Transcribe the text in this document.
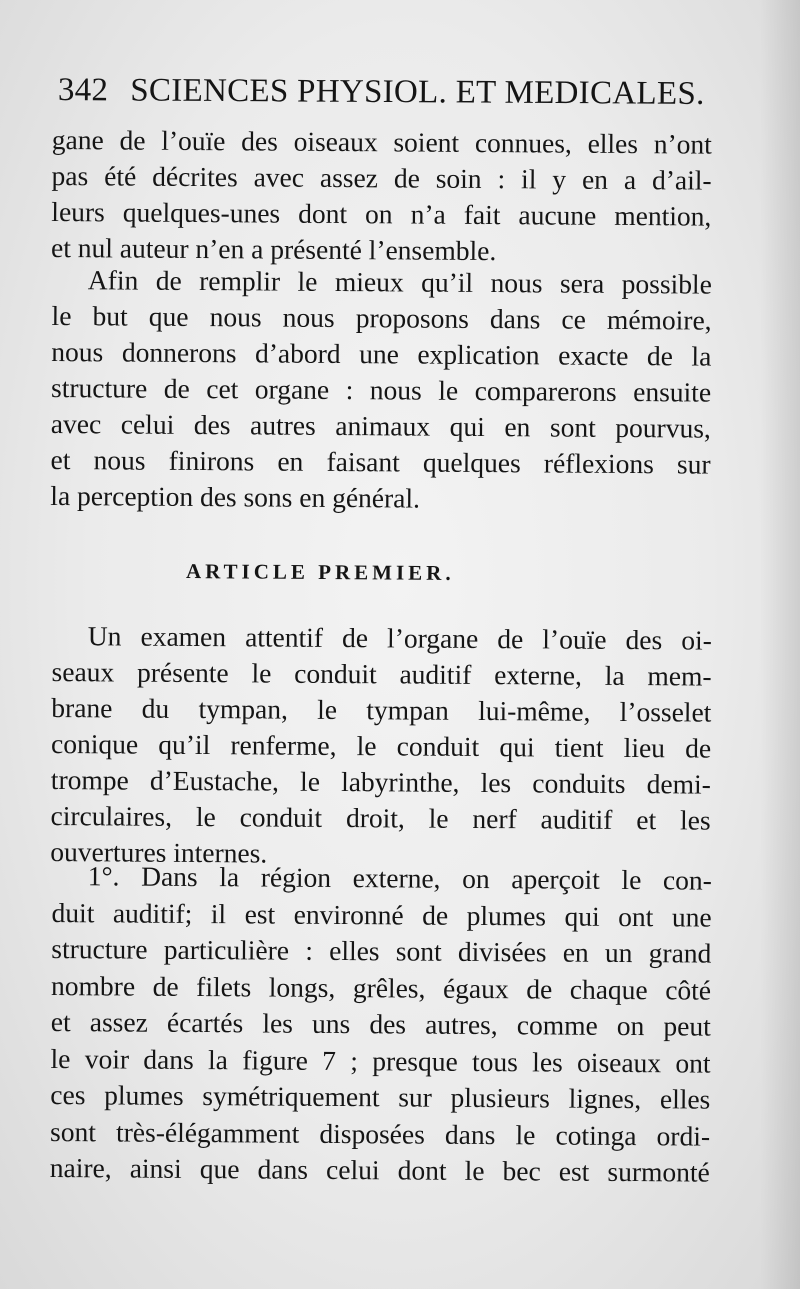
342 SCIENCES PHYSIOL. ET MEDICALES.
gane de l’ouïe des oiseaux soient connues, elles n’ont
pas été décrites avec assez de soin : il y en a d’ail-
leurs quelques-unes dont on n’a fait aucune mention,
et nul auteur n’en a présenté l’ensemble.
Afin de remplir le mieux qu’il nous sera possible
le but que nous nous proposons dans ce mémoire,
nous donnerons d’abord une explication exacte de la
structure de cet organe : nous le comparerons ensuite
avec celui des autres animaux qui en sont pourvus,
et nous finirons en faisant quelques réflexions sur
la perception des sons en général.
ARTICLE PREMIER.
Un examen attentif de l’organe de l’ouïe des oi-
seaux présente le conduit auditif externe, la mem-
brane du tympan, le tympan lui-même, l’osselet
conique qu’il renferme, le conduit qui tient lieu de
trompe d’Eustache, le labyrinthe, les conduits demi-
circulaires, le conduit droit, le nerf auditif et les
ouvertures internes.
1°. Dans la région externe, on aperçoit le con-
duit auditif; il est environné de plumes qui ont une
structure particulière : elles sont divisées en un grand
nombre de filets longs, grêles, égaux de chaque côté
et assez écartés les uns des autres, comme on peut
le voir dans la figure 7 ; presque tous les oiseaux ont
ces plumes symétriquement sur plusieurs lignes, elles
sont très-élégamment disposées dans le cotinga ordi-
naire, ainsi que dans celui dont le bec est surmonté
